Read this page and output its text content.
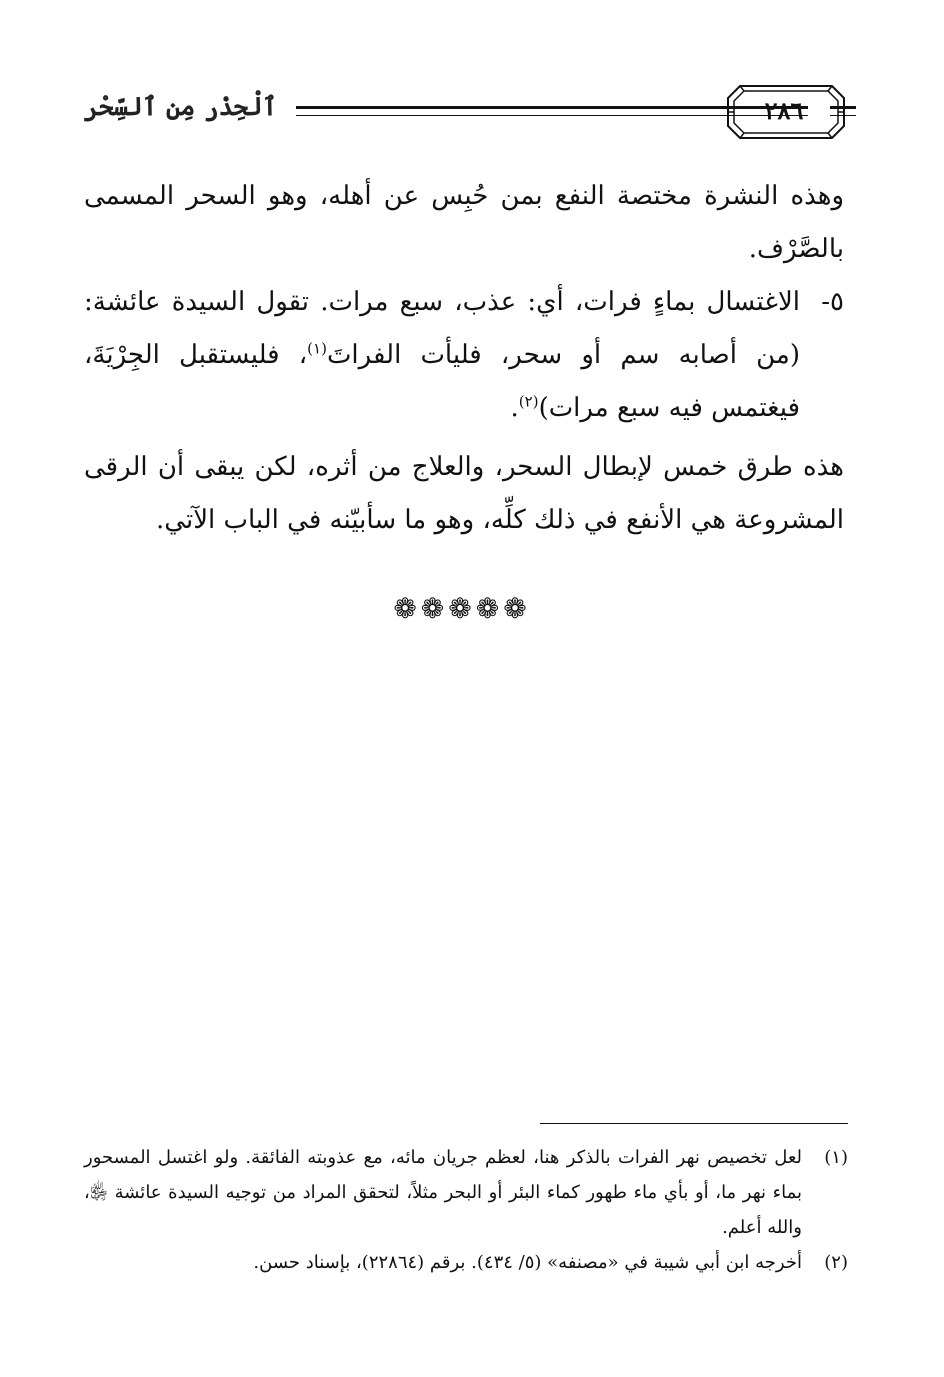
ٱلْحِذْر مِن ٱلسِّحْر	٢٨٦

وهذه النشرة مختصة النفع بمن حُبِس عن أهله، وهو السحر المسمى بالصَّرْف.

٥-
الاغتسال بماءٍ فرات، أي: عذب، سبع مرات. تقول السيدة عائشة: (من أصابه سم أو سحر، فليأت الفراتَ$^{(١)}$، فليستقبل الجِرْيَةَ، فيغتمس فيه سبع مرات)$^{(٢)}$.

هذه طرق خمس لإبطال السحر، والعلاج من أثره، لكن يبقى أن الرقى المشروعة هي الأنفع في ذلك كلِّه، وهو ما سأبيّنه في الباب الآتي.

❁❁❁❁❁

(١)
لعل تخصيص نهر الفرات بالذكر هنا، لعظم جريان مائه، مع عذوبته الفائقة. ولو اغتسل المسحور بماء نهر ما، أو بأي ماء طهور كماء البئر أو البحر مثلاً، لتحقق المراد من توجيه السيدة عائشة ﵂، والله أعلم.

(٢)
أخرجه ابن أبي شيبة في «مصنفه» (٥/ ٤٣٤). برقم (٢٢٨٦٤)، بإسناد حسن.
